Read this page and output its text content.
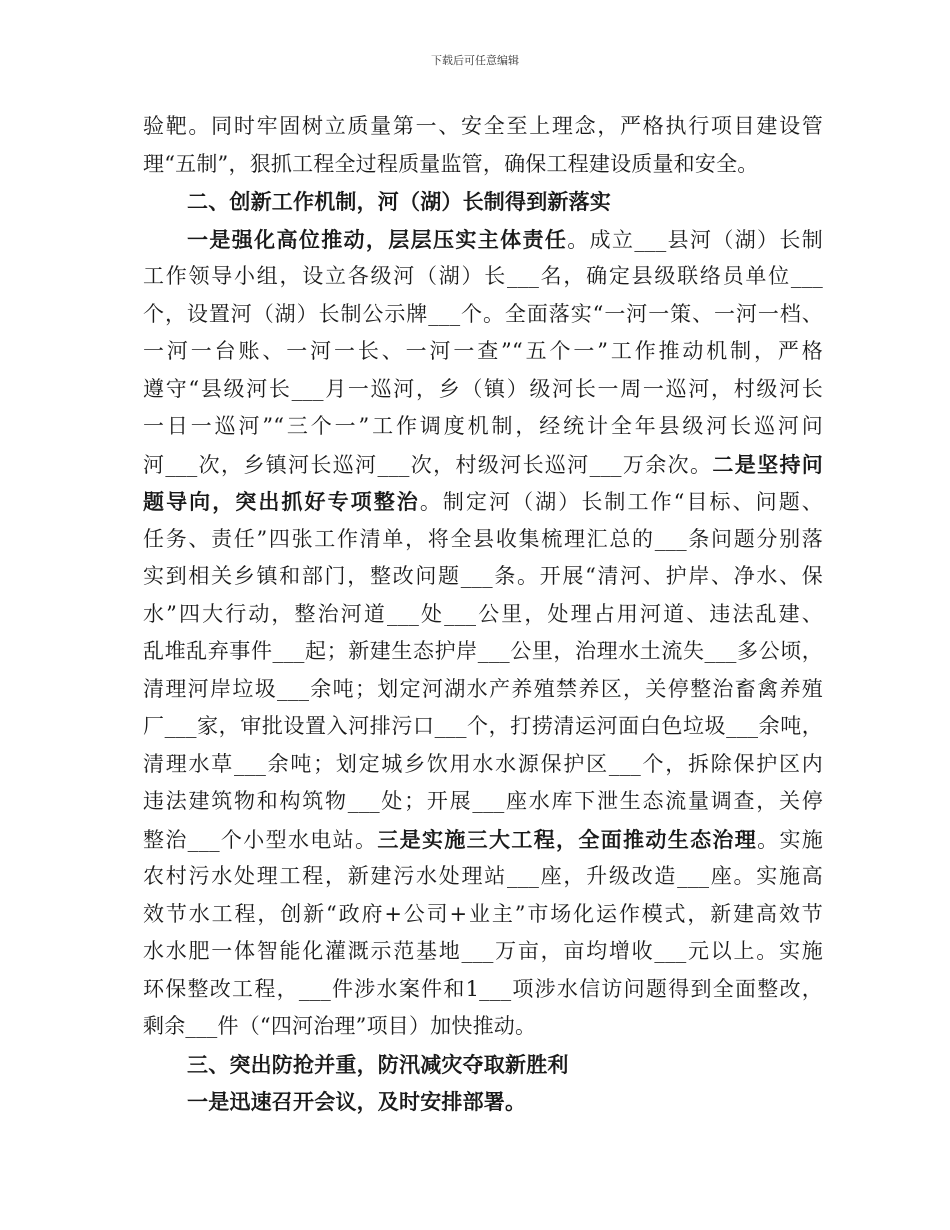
下载后可任意编辑
验靶。同时牢固树立质量第一、安全至上理念，严格执行项目建设管
理“五制”，狠抓工程全过程质量监管，确保工程建设质量和安全。
二、创新工作机制，河（湖）长制得到新落实
一是强化高位推动，层层压实主体责任。成立___县河（湖）长制
工作领导小组，设立各级河（湖）长___名，确定县级联络员单位___
个，设置河（湖）长制公示牌___个。全面落实“一河一策、一河一档、
一河一台账、一河一长、一河一查”“五个一”工作推动机制，严格
遵守“县级河长___月一巡河，乡（镇）级河长一周一巡河，村级河长
一日一巡河”“三个一”工作调度机制，经统计全年县级河长巡河问
河___次，乡镇河长巡河___次，村级河长巡河___万余次。二是坚持问
题导向，突出抓好专项整治。制定河（湖）长制工作“目标、问题、
任务、责任”四张工作清单，将全县收集梳理汇总的___条问题分别落
实到相关乡镇和部门，整改问题___条。开展“清河、护岸、净水、保
水”四大行动，整治河道___处___公里，处理占用河道、违法乱建、
乱堆乱弃事件___起；新建生态护岸___公里，治理水土流失___多公顷，
清理河岸垃圾___余吨；划定河湖水产养殖禁养区，关停整治畜禽养殖
厂___家，审批设置入河排污口___个，打捞清运河面白色垃圾___余吨，
清理水草___余吨；划定城乡饮用水水源保护区___个，拆除保护区内
违法建筑物和构筑物___处；开展___座水库下泄生态流量调查，关停
整治___个小型水电站。三是实施三大工程，全面推动生态治理。实施
农村污水处理工程，新建污水处理站___座，升级改造___座。实施高
效节水工程，创新“政府+公司+业主”市场化运作模式，新建高效节
水水肥一体智能化灌溉示范基地___万亩，亩均增收___元以上。实施
环保整改工程，___件涉水案件和1___项涉水信访问题得到全面整改，
剩余___件（“四河治理”项目）加快推动。
三、突出防抢并重，防汛减灾夺取新胜利
一是迅速召开会议，及时安排部署。
